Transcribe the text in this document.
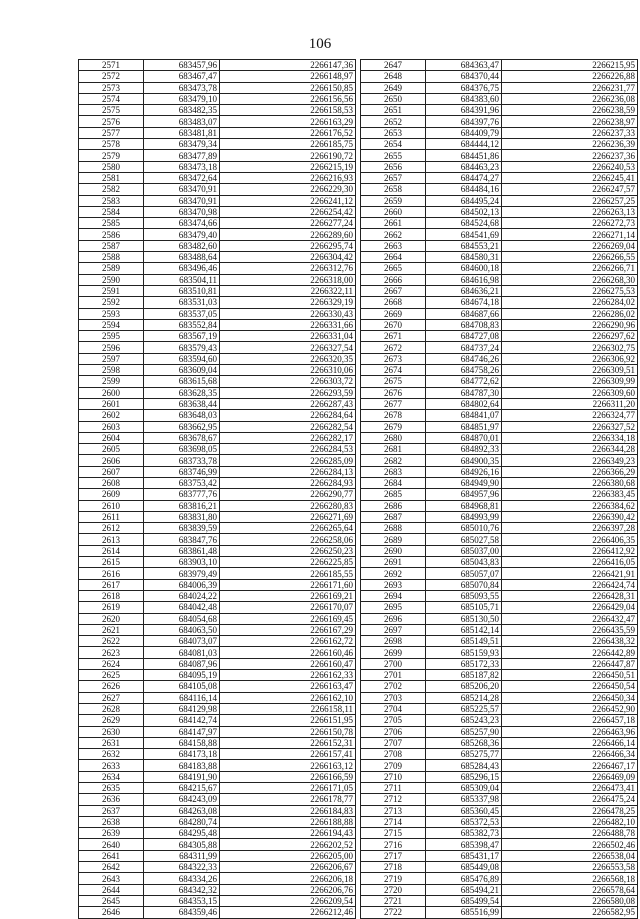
106
2571	683457,96	2266147,36
2572	683467,47	2266148,97
2573	683473,78	2266150,85
2574	683479,10	2266156,56
2575	683482,35	2266158,53
2576	683483,07	2266163,29
2577	683481,81	2266176,52
2578	683479,34	2266185,75
2579	683477,89	2266190,72
2580	683473,18	2266215,19
2581	683472,64	2266216,93
2582	683470,91	2266229,30
2583	683470,91	2266241,12
2584	683470,98	2266254,42
2585	683474,66	2266277,24
2586	683479,40	2266289,60
2587	683482,60	2266295,74
2588	683488,64	2266304,42
2589	683496,46	2266312,76
2590	683504,11	2266318,00
2591	683510,81	2266322,11
2592	683531,03	2266329,19
2593	683537,05	2266330,43
2594	683552,84	2266331,66
2595	683567,19	2266331,04
2596	683579,43	2266327,54
2597	683594,60	2266320,35
2598	683609,04	2266310,06
2599	683615,68	2266303,72
2600	683628,35	2266293,59
2601	683638,44	2266287,43
2602	683648,03	2266284,64
2603	683662,95	2266282,54
2604	683678,67	2266282,17
2605	683698,05	2266284,53
2606	683733,78	2266285,09
2607	683746,99	2266284,13
2608	683753,42	2266284,93
2609	683777,76	2266290,77
2610	683816,21	2266280,83
2611	683831,80	2266271,69
2612	683839,59	2266265,64
2613	683847,76	2266258,06
2614	683861,48	2266250,23
2615	683903,10	2266225,85
2616	683979,49	2266185,55
2617	684006,39	2266171,60
2618	684024,22	2266169,21
2619	684042,48	2266170,07
2620	684054,68	2266169,45
2621	684063,50	2266167,29
2622	684073,07	2266162,72
2623	684081,03	2266160,46
2624	684087,96	2266160,47
2625	684095,19	2266162,33
2626	684105,08	2266163,47
2627	684116,14	2266162,10
2628	684129,98	2266158,11
2629	684142,74	2266151,95
2630	684147,97	2266150,78
2631	684158,88	2266152,31
2632	684173,18	2266157,41
2633	684183,88	2266163,12
2634	684191,90	2266166,59
2635	684215,67	2266171,05
2636	684243,09	2266178,77
2637	684263,08	2266184,83
2638	684280,74	2266188,88
2639	684295,48	2266194,43
2640	684305,88	2266202,52
2641	684311,99	2266205,00
2642	684322,33	2266206,67
2643	684334,26	2266206,18
2644	684342,32	2266206,76
2645	684353,15	2266209,54
2646	684359,46	2266212,46
2647	684363,47	2266215,95
2648	684370,44	2266226,88
2649	684376,75	2266231,77
2650	684383,60	2266236,08
2651	684391,96	2266238,59
2652	684397,76	2266238,97
2653	684409,79	2266237,33
2654	684444,12	2266236,39
2655	684451,86	2266237,36
2656	684463,23	2266240,53
2657	684474,27	2266245,41
2658	684484,16	2266247,57
2659	684495,24	2266257,25
2660	684502,13	2266263,13
2661	684524,68	2266272,73
2662	684541,69	2266271,14
2663	684553,21	2266269,04
2664	684580,31	2266266,55
2665	684600,18	2266266,71
2666	684616,98	2266268,30
2667	684636,21	2266275,53
2668	684674,18	2266284,02
2669	684687,66	2266286,02
2670	684708,83	2266290,96
2671	684727,08	2266297,62
2672	684737,24	2266302,75
2673	684746,26	2266306,92
2674	684758,26	2266309,51
2675	684772,62	2266309,99
2676	684787,30	2266309,60
2677	684802,64	2266311,20
2678	684841,07	2266324,77
2679	684851,97	2266327,52
2680	684870,01	2266334,18
2681	684892,33	2266344,28
2682	684900,35	2266349,23
2683	684926,16	2266366,29
2684	684949,90	2266380,68
2685	684957,96	2266383,45
2686	684968,81	2266384,62
2687	684993,99	2266390,42
2688	685010,76	2266397,28
2689	685027,58	2266406,35
2690	685037,00	2266412,92
2691	685043,83	2266416,05
2692	685057,07	2266421,91
2693	685070,84	2266424,74
2694	685093,55	2266428,31
2695	685105,71	2266429,04
2696	685130,50	2266432,47
2697	685142,14	2266435,59
2698	685149,51	2266438,32
2699	685159,93	2266442,89
2700	685172,33	2266447,87
2701	685187,82	2266450,51
2702	685206,20	2266450,54
2703	685214,28	2266450,34
2704	685225,57	2266452,90
2705	685243,23	2266457,18
2706	685257,90	2266463,96
2707	685268,36	2266466,14
2708	685275,77	2266466,34
2709	685284,43	2266467,17
2710	685296,15	2266469,09
2711	685309,04	2266473,41
2712	685337,98	2266475,24
2713	685360,45	2266478,25
2714	685372,53	2266482,10
2715	685382,73	2266488,78
2716	685398,47	2266502,46
2717	685431,17	2266538,04
2718	685449,08	2266553,58
2719	685476,89	2266568,18
2720	685494,21	2266578,64
2721	685499,54	2266580,08
2722	685516,99	2266582,95
